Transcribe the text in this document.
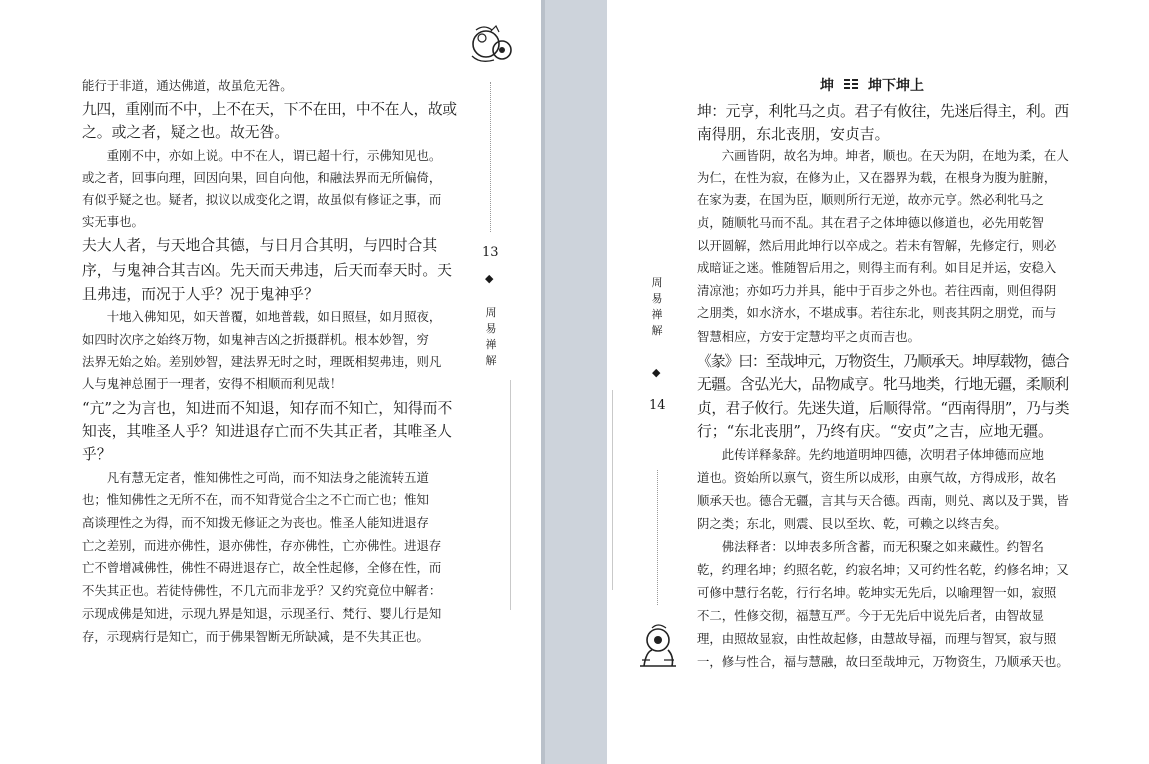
13
◆
周
易
禅
解
周
易
禅
解
◆
14
坤 坤下坤上
能行于非道，通达佛道，故虽危无咎。
九四，重刚而不中，上不在天，下不在田，中不在人，故或
之。或之者，疑之也。故无咎。
　　重刚不中，亦如上说。中不在人，谓已超十行，示佛知见也。
或之者，回事向理，回因向果，回自向他，和融法界而无所偏倚，
有似乎疑之也。疑者，拟议以成变化之谓，故虽似有修证之事，而
实无事也。
夫大人者，与天地合其德，与日月合其明，与四时合其
序，与鬼神合其吉凶。先天而天弗违，后天而奉天时。天
且弗违，而况于人乎？况于鬼神乎？
　　十地入佛知见，如天普覆，如地普载，如日照昼，如月照夜，
如四时次序之始终万物，如鬼神吉凶之折摄群机。根本妙智，穷
法界无始之始。差别妙智，建法界无时之时，理既相契弗违，则凡
人与鬼神总囿于一理者，安得不相顺而利见哉！
“亢”之为言也，知进而不知退，知存而不知亡，知得而不
知丧，其唯圣人乎？知进退存亡而不失其正者，其唯圣人
乎？
　　凡有慧无定者，惟知佛性之可尚，而不知法身之能流转五道
也；惟知佛性之无所不在，而不知背觉合尘之不亡而亡也；惟知
高谈理性之为得，而不知拨无修证之为丧也。惟圣人能知进退存
亡之差别，而进亦佛性，退亦佛性，存亦佛性，亡亦佛性。进退存
亡不曾增减佛性，佛性不碍进退存亡，故全性起修，全修在性，而
不失其正也。若徒恃佛性，不几亢而非龙乎？又约究竟位中解者：
示现成佛是知进，示现九界是知退，示现圣行、梵行、婴儿行是知
存，示现病行是知亡，而于佛果智断无所缺减，是不失其正也。
坤：元亨，利牝马之贞。君子有攸往，先迷后得主，利。西
南得朋，东北丧朋，安贞吉。
　　六画皆阴，故名为坤。坤者，顺也。在天为阴，在地为柔，在人
为仁，在性为寂，在修为止，又在器界为载，在根身为腹为脏腑，
在家为妻，在国为臣，顺则所行无逆，故亦元亨。然必利牝马之
贞，随顺牝马而不乱。其在君子之体坤德以修道也，必先用乾智
以开圆解，然后用此坤行以卒成之。若未有智解，先修定行，则必
成暗证之迷。惟随智后用之，则得主而有利。如目足并运，安稳入
清凉池；亦如巧力并具，能中于百步之外也。若往西南，则但得阴
之朋类，如水济水，不堪成事。若往东北，则丧其阴之朋党，而与
智慧相应，方安于定慧均平之贞而吉也。
《彖》曰：至哉坤元，万物资生，乃顺承天。坤厚载物，德合
无疆。含弘光大，品物咸亨。牝马地类，行地无疆，柔顺利
贞，君子攸行。先迷失道，后顺得常。“西南得朋”，乃与类
行；“东北丧朋”，乃终有庆。“安贞”之吉，应地无疆。
　　此传详释彖辞。先约地道明坤四德，次明君子体坤德而应地
道也。资始所以禀气，资生所以成形，由禀气故，方得成形，故名
顺承天也。德合无疆，言其与天合德。西南，则兑、离以及于巽，皆
阴之类；东北，则震、艮以至坎、乾，可赖之以终吉矣。
　　佛法释者：以坤表多所含蓄，而无积聚之如来藏性。约智名
乾，约理名坤；约照名乾，约寂名坤；又可约性名乾，约修名坤；又
可修中慧行名乾，行行名坤。乾坤实无先后，以喻理智一如，寂照
不二，性修交彻，福慧互严。今于无先后中说先后者，由智故显
理，由照故显寂，由性故起修，由慧故导福，而理与智冥，寂与照
一，修与性合，福与慧融，故曰至哉坤元，万物资生，乃顺承天也。
